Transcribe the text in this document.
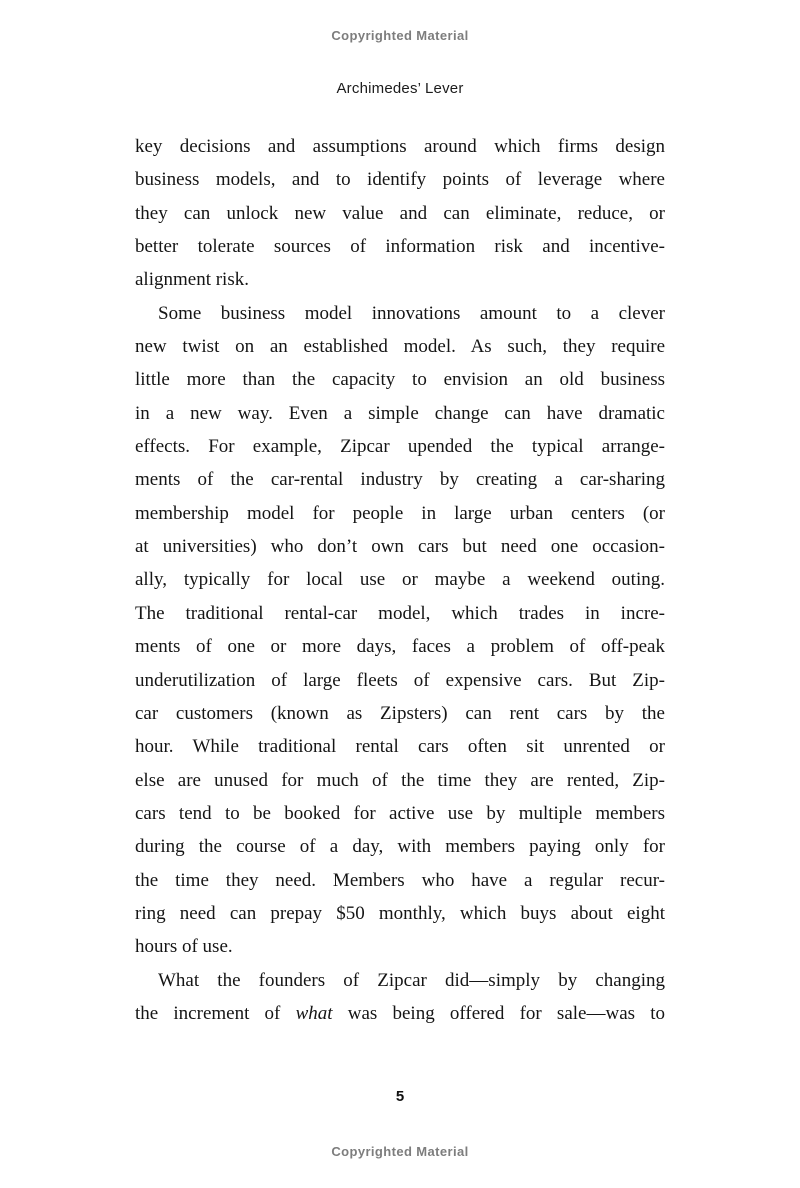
Copyrighted Material
Archimedes’ Lever
key decisions and assumptions around which firms design
business models, and to identify points of leverage where
they can unlock new value and can eliminate, reduce, or
better tolerate sources of information risk and incentive-
alignment risk.
Some business model innovations amount to a clever
new twist on an established model. As such, they require
little more than the capacity to envision an old business
in a new way. Even a simple change can have dramatic
effects. For example, Zipcar upended the typical arrange-
ments of the car-rental industry by creating a car-sharing
membership model for people in large urban centers (or
at universities) who don’t own cars but need one occasion-
ally, typically for local use or maybe a weekend outing.
The traditional rental-car model, which trades in incre-
ments of one or more days, faces a problem of off-peak
underutilization of large fleets of expensive cars. But Zip-
car customers (known as Zipsters) can rent cars by the
hour. While traditional rental cars often sit unrented or
else are unused for much of the time they are rented, Zip-
cars tend to be booked for active use by multiple members
during the course of a day, with members paying only for
the time they need. Members who have a regular recur-
ring need can prepay $50 monthly, which buys about eight
hours of use.
What the founders of Zipcar did—simply by changing
the increment of what was being offered for sale—was to
5
Copyrighted Material
